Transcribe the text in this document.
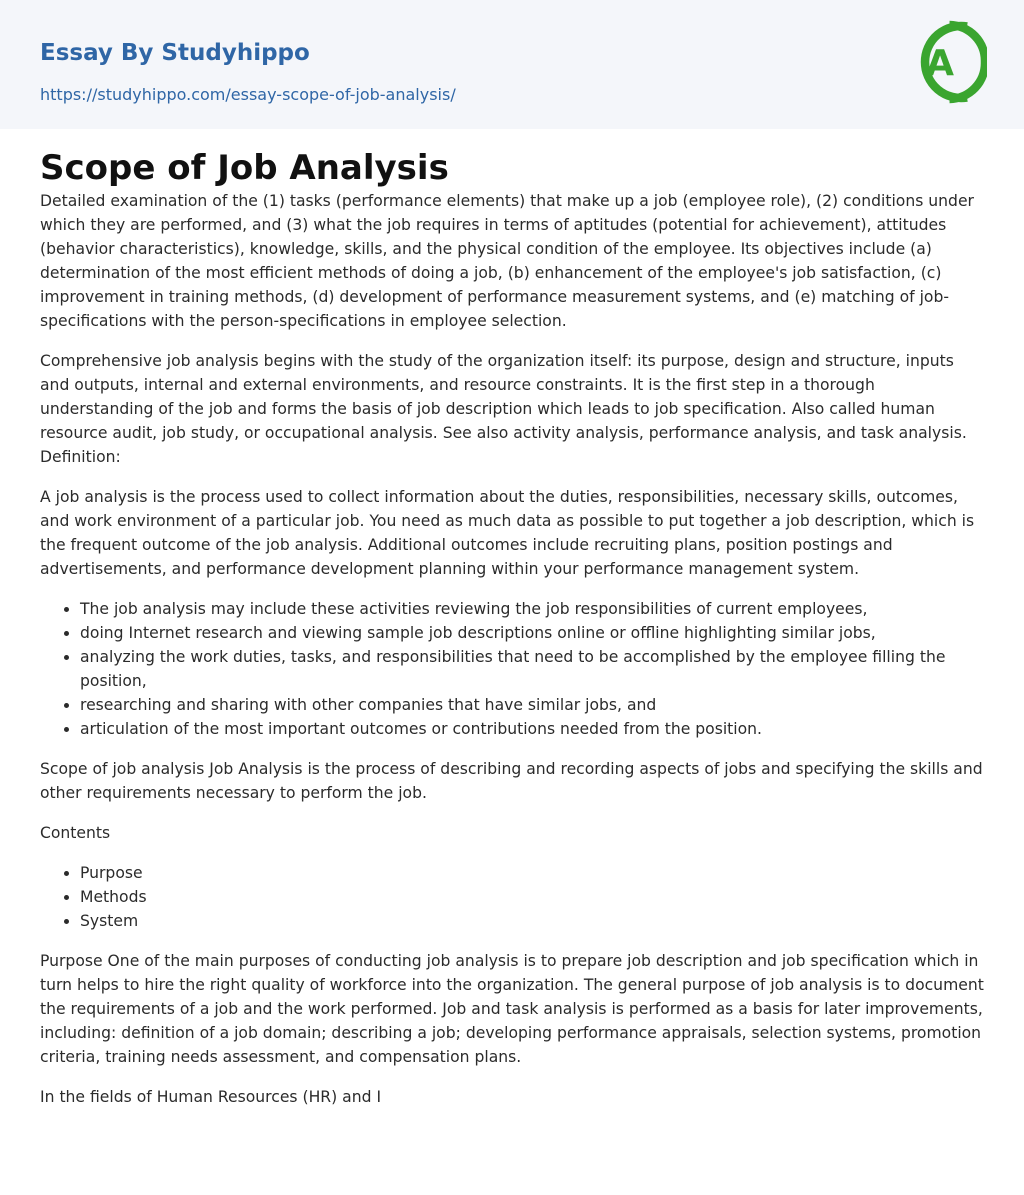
Essay By Studyhippo
https://studyhippo.com/essay-scope-of-job-analysis/
A
Scope of Job Analysis

Detailed examination of the (1) tasks (performance elements) that make up a job (employee role), (2) conditions under which they are performed, and (3) what the job requires in terms of aptitudes (potential for achievement), attitudes (behavior characteristics), knowledge, skills, and the physical condition of the employee. Its objectives include (a) determination of the most efficient methods of doing a job, (b) enhancement of the employee's job satisfaction, (c) improvement in training methods, (d) development of performance measurement systems, and (e) matching of job-specifications with the person-specifications in employee selection.

Comprehensive job analysis begins with the study of the organization itself: its purpose, design and structure, inputs and outputs, internal and external environments, and resource constraints. It is the first step in a thorough understanding of the job and forms the basis of job description which leads to job specification. Also called human resource audit, job study, or occupational analysis. See also activity analysis, performance analysis, and task analysis. Definition:

A job analysis is the process used to collect information about the duties, responsibilities, necessary skills, outcomes, and work environment of a particular job. You need as much data as possible to put together a job description, which is the frequent outcome of the job analysis. Additional outcomes include recruiting plans, position postings and advertisements, and performance development planning within your performance management system.

• The job analysis may include these activities reviewing the job responsibilities of current employees,
• doing Internet research and viewing sample job descriptions online or offline highlighting similar jobs,
• analyzing the work duties, tasks, and responsibilities that need to be accomplished by the employee filling the position,
• researching and sharing with other companies that have similar jobs, and
• articulation of the most important outcomes or contributions needed from the position.

Scope of job analysis Job Analysis is the process of describing and recording aspects of jobs and specifying the skills and other requirements necessary to perform the job.

Contents

• Purpose
• Methods
• System

Purpose One of the main purposes of conducting job analysis is to prepare job description and job specification which in turn helps to hire the right quality of workforce into the organization. The general purpose of job analysis is to document the requirements of a job and the work performed. Job and task analysis is performed as a basis for later improvements, including: definition of a job domain; describing a job; developing performance appraisals, selection systems, promotion criteria, training needs assessment, and compensation plans.

In the fields of Human Resources (HR) and I
